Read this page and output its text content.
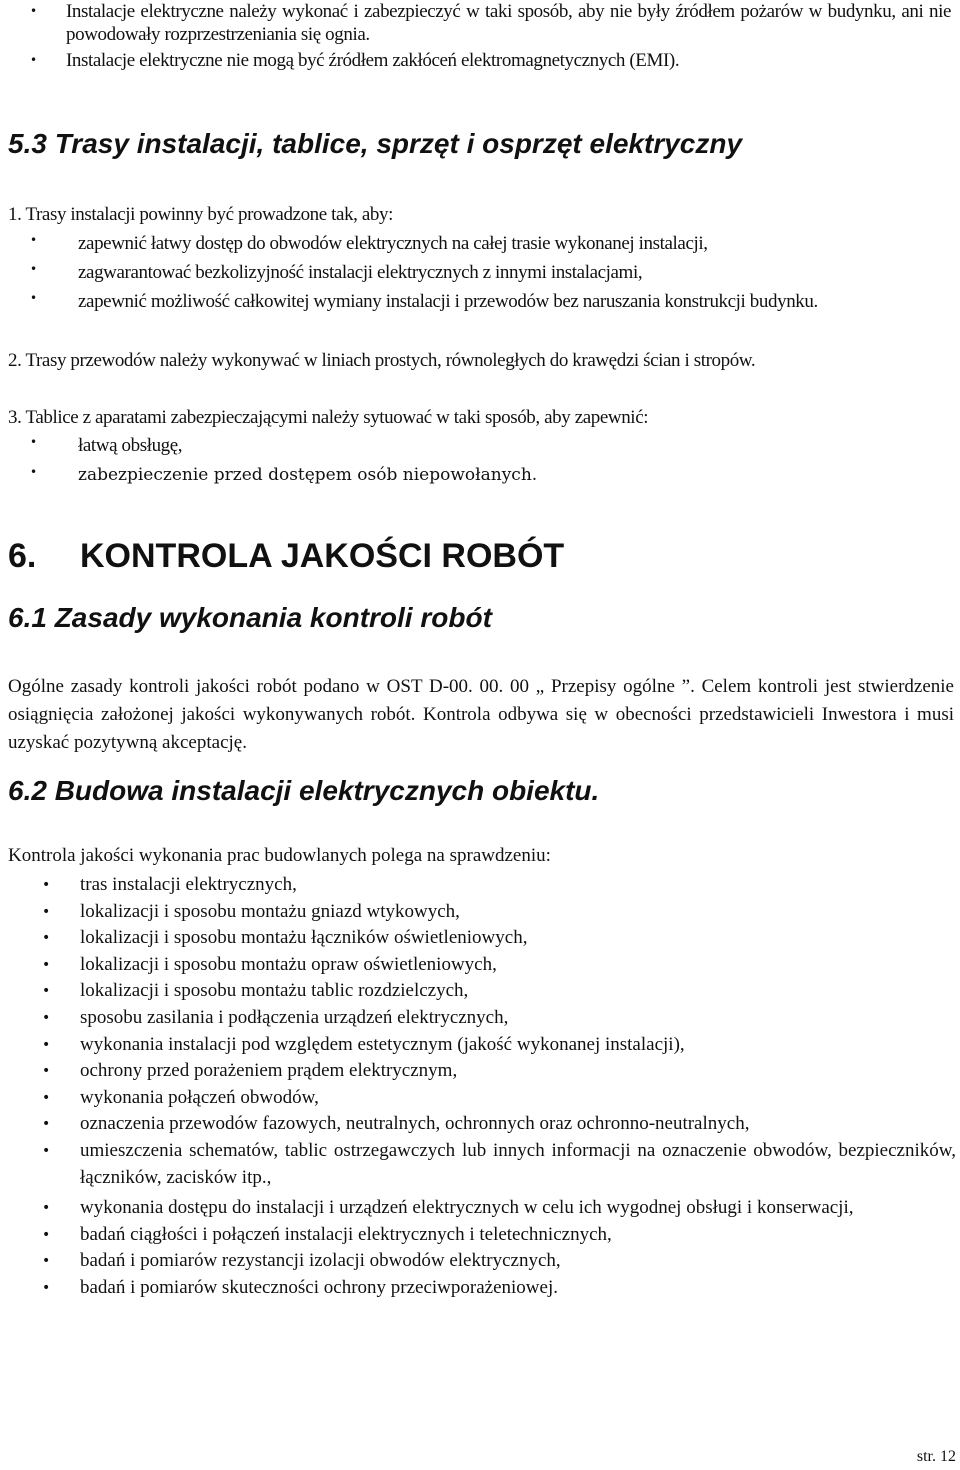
• Instalacje elektryczne należy wykonać i zabezpieczyć w taki sposób, aby nie były źródłem pożarów w budynku, ani nie powodowały rozprzestrzeniania się ognia.
• Instalacje elektryczne nie mogą być źródłem zakłóceń elektromagnetycznych (EMI).
5.3 Trasy instalacji, tablice, sprzęt i osprzęt elektryczny
1. Trasy instalacji powinny być prowadzone tak, aby:
• zapewnić łatwy dostęp do obwodów elektrycznych na całej trasie wykonanej instalacji,
• zagwarantować bezkolizyjność instalacji elektrycznych z innymi instalacjami,
• zapewnić możliwość całkowitej wymiany instalacji i przewodów bez naruszania konstrukcji budynku.
2. Trasy przewodów należy wykonywać w liniach prostych, równoległych do krawędzi ścian i stropów.
3. Tablice z aparatami zabezpieczającymi należy sytuować w taki sposób, aby zapewnić:
• łatwą obsługę,
• zabezpieczenie przed dostępem osób niepowołanych.
6. KONTROLA JAKOŚCI ROBÓT
6.1 Zasady wykonania kontroli robót

Ogólne zasady kontroli jakości robót podano w OST D-00. 00. 00 „ Przepisy ogólne ”. Celem kontroli jest stwierdzenie osiągnięcia założonej jakości wykonywanych robót. Kontrola odbywa się w obecności przedstawicieli Inwestora i musi uzyskać pozytywną akceptację.

6.2 Budowa instalacji elektrycznych obiektu.
Kontrola jakości wykonania prac budowlanych polega na sprawdzeniu:
• tras instalacji elektrycznych,
• lokalizacji i sposobu montażu gniazd wtykowych,
• lokalizacji i sposobu montażu łączników oświetleniowych,
• lokalizacji i sposobu montażu opraw oświetleniowych,
• lokalizacji i sposobu montażu tablic rozdzielczych,
• sposobu zasilania i podłączenia urządzeń elektrycznych,
• wykonania instalacji pod względem estetycznym (jakość wykonanej instalacji),
• ochrony przed porażeniem prądem elektrycznym,
• wykonania połączeń obwodów,
• oznaczenia przewodów fazowych, neutralnych, ochronnych oraz ochronno-neutralnych,
• umieszczenia schematów, tablic ostrzegawczych lub innych informacji na oznaczenie obwodów, bezpieczników, łączników, zacisków itp.,
• wykonania dostępu do instalacji i urządzeń elektrycznych w celu ich wygodnej obsługi i konserwacji,
• badań ciągłości i połączeń instalacji elektrycznych i teletechnicznych,
• badań i pomiarów rezystancji izolacji obwodów elektrycznych,
• badań i pomiarów skuteczności ochrony przeciwporażeniowej.
str. 12
